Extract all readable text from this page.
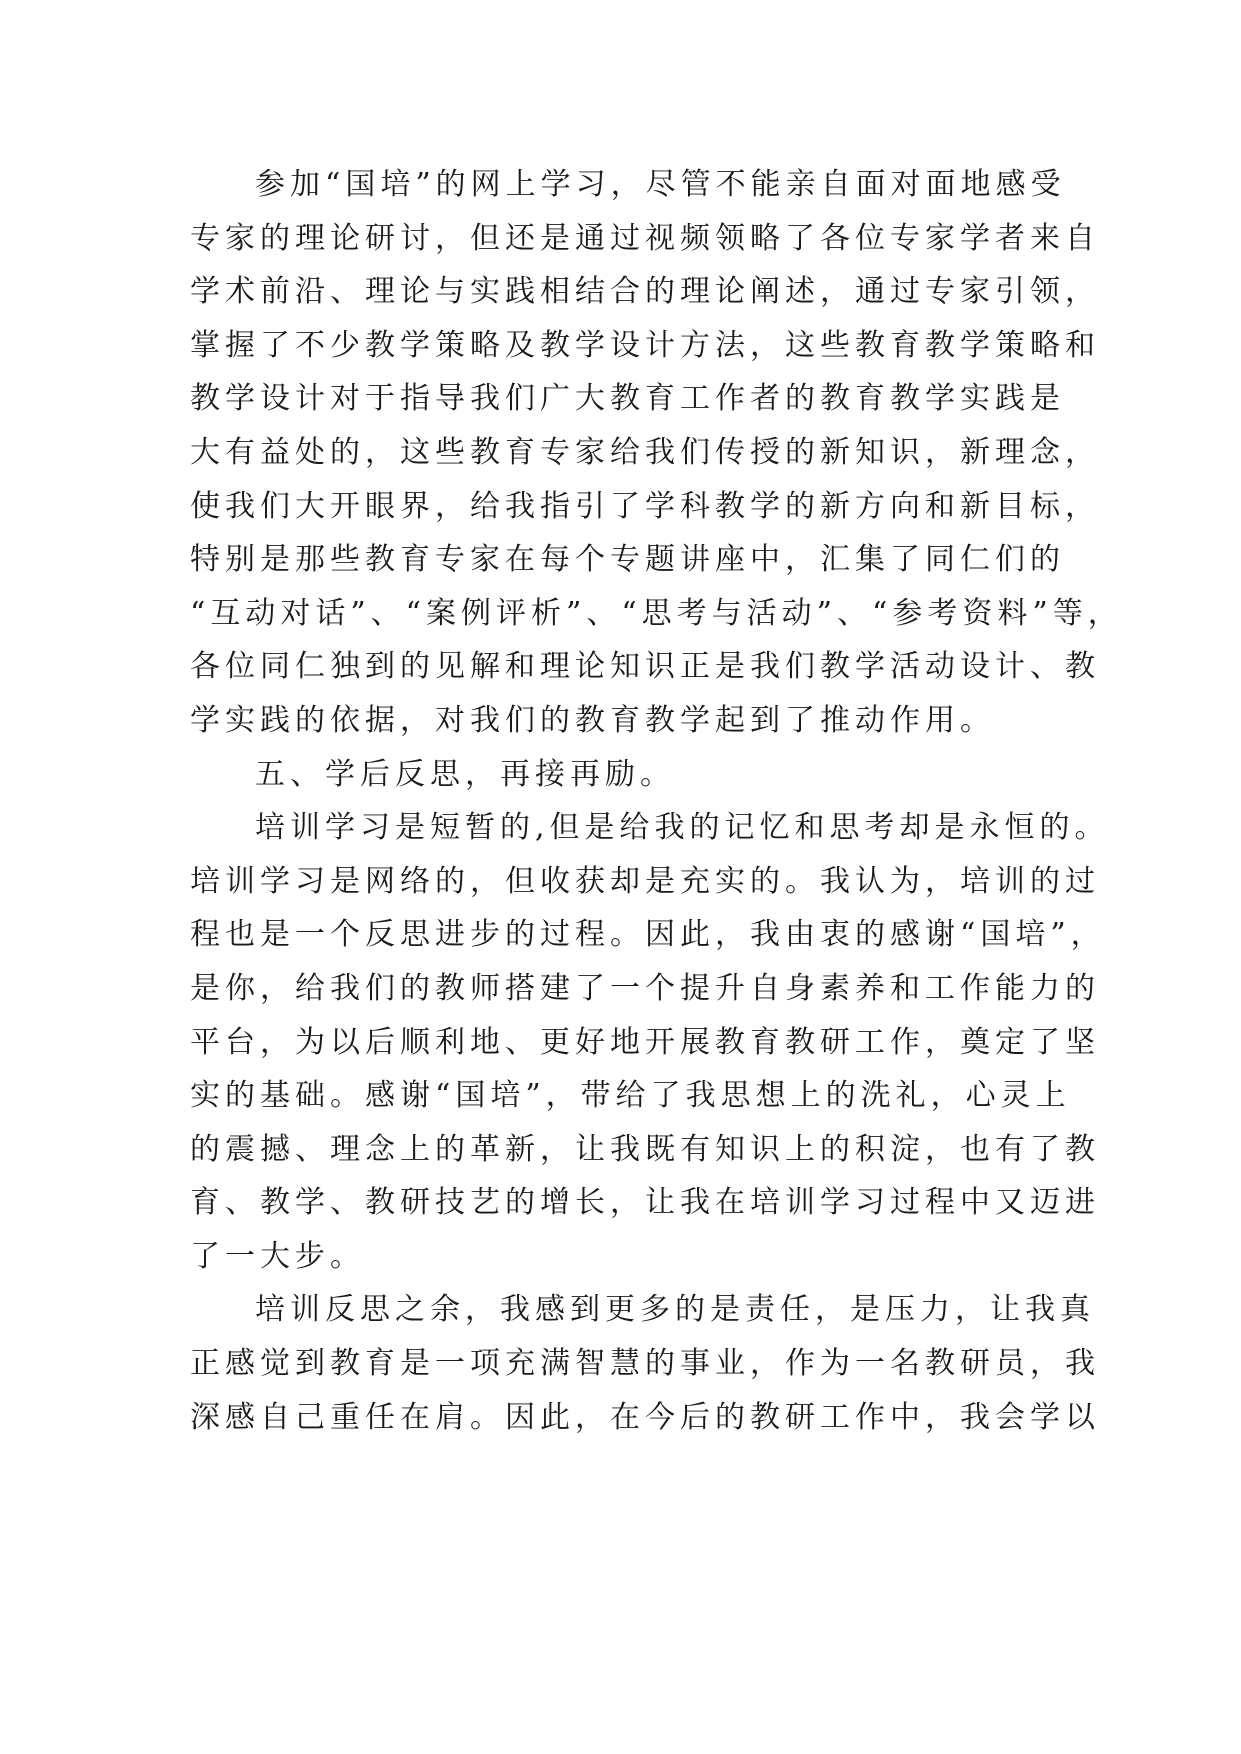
参加“国培”的网上学习，尽管不能亲自面对面地感受
专家的理论研讨，但还是通过视频领略了各位专家学者来自
学术前沿、理论与实践相结合的理论阐述，通过专家引领，
掌握了不少教学策略及教学设计方法，这些教育教学策略和
教学设计对于指导我们广大教育工作者的教育教学实践是
大有益处的，这些教育专家给我们传授的新知识，新理念，
使我们大开眼界，给我指引了学科教学的新方向和新目标，
特别是那些教育专家在每个专题讲座中，汇集了同仁们的
“互动对话”、“案例评析”、“思考与活动”、“参考资料”等，
各位同仁独到的见解和理论知识正是我们教学活动设计、教
学实践的依据，对我们的教育教学起到了推动作用。
五、学后反思，再接再励。
培训学习是短暂的,但是给我的记忆和思考却是永恒的。
培训学习是网络的，但收获却是充实的。我认为，培训的过
程也是一个反思进步的过程。因此，我由衷的感谢“国培”，
是你，给我们的教师搭建了一个提升自身素养和工作能力的
平台，为以后顺利地、更好地开展教育教研工作，奠定了坚
实的基础。感谢“国培”，带给了我思想上的洗礼，心灵上
的震撼、理念上的革新，让我既有知识上的积淀，也有了教
育、教学、教研技艺的增长，让我在培训学习过程中又迈进
了一大步。
培训反思之余，我感到更多的是责任，是压力，让我真
正感觉到教育是一项充满智慧的事业，作为一名教研员，我
深感自己重任在肩。因此，在今后的教研工作中，我会学以
